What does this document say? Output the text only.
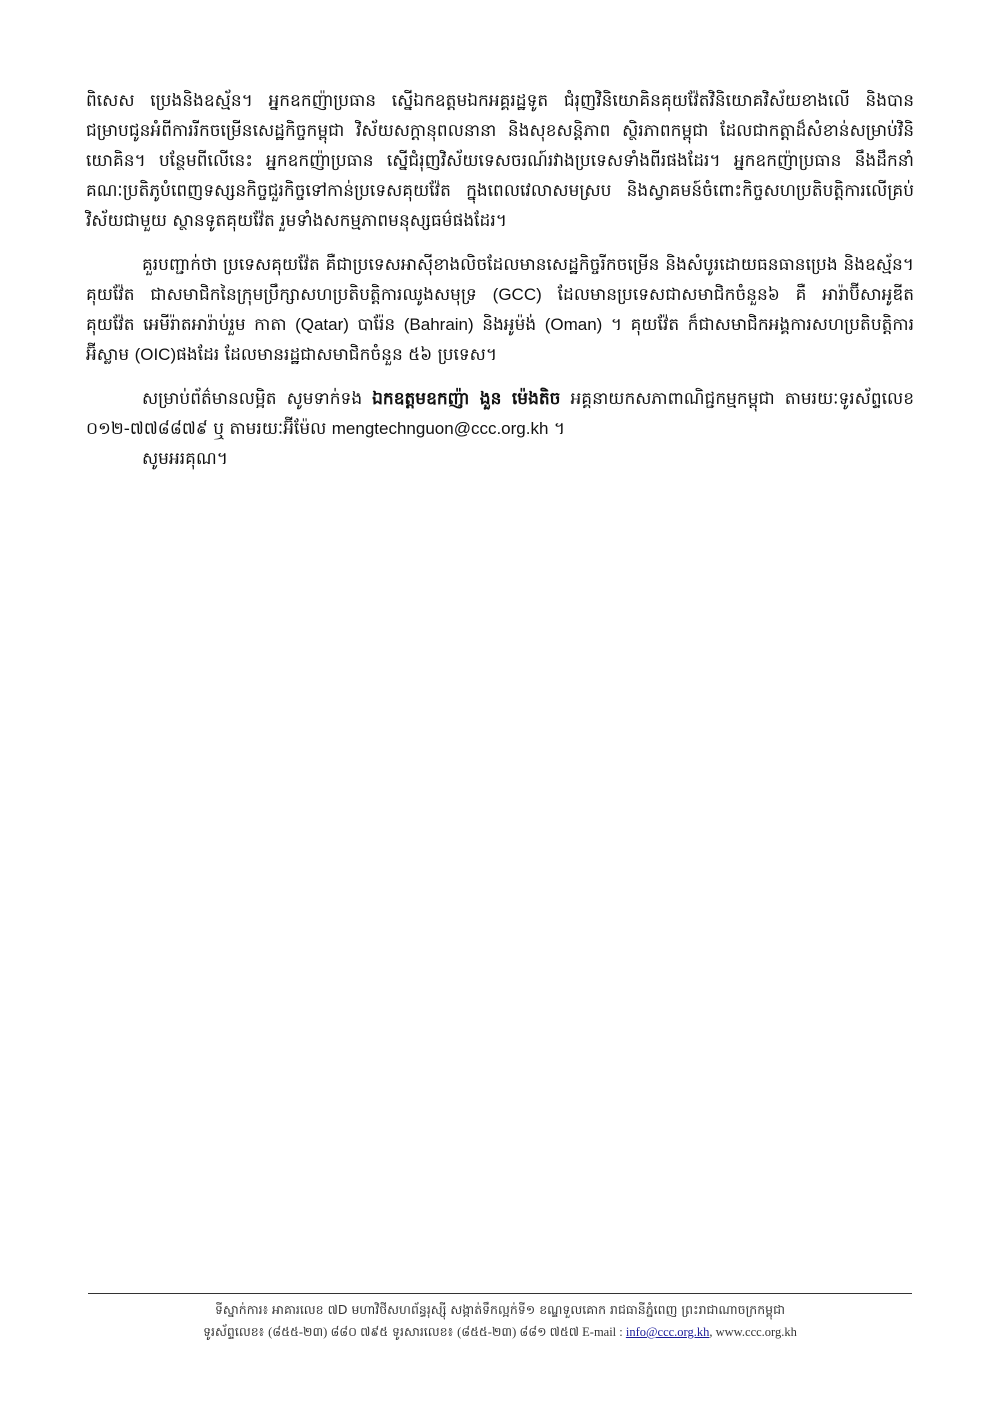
ពិសេស ប្រេងនិងឧស្ម័ន។ អ្នកឧកញ៉ាប្រធាន ស្នើឯកឧត្តមឯកអគ្គរដ្ឋទូត ជំរុញវិនិយោគិនគុយវ៉ែតវិនិយោគវិស័យខាងលើ និងបានជម្រាបជូនអំពីការរីកចម្រើនសេដ្ឋកិច្ចកម្ពុជា វិស័យសក្តានុពលនានា និងសុខសន្តិភាព ស្ថិរភាពកម្ពុជា ដែលជាកត្តាដ៏សំខាន់សម្រាប់វិនិយោគិន។ បន្ថែមពីលើនេះ អ្នកឧកញ៉ាប្រធាន ស្នើជំរុញវិស័យទេសចរណ៍រវាងប្រទេសទាំងពីរផងដែរ។ អ្នកឧកញ៉ាប្រធាន នឹងដឹកនាំគណៈប្រតិភូបំពេញទស្សនកិច្ចជួរកិច្ចទៅកាន់ប្រទេសគុយវ៉ែត ក្នុងពេលវេលាសមស្រប និងស្វាគមន៍ចំពោះកិច្ចសហប្រតិបត្តិការលើគ្រប់វិស័យជាមួយ ស្ថានទូតគុយវ៉ែត រួមទាំងសកម្មភាពមនុស្សធម៌ផងដែរ។

គួរបញ្ជាក់ថា ប្រទេសគុយវ៉ែត គឺជាប្រទេសអាស៊ីខាងលិចដែលមានសេដ្ឋកិច្ចរីកចម្រើន និងសំបូរដោយធនធានប្រេង និងឧស្ម័ន។ គុយវ៉ែត ជាសមាជិកនៃក្រុមប្រឹក្សាសហប្រតិបត្តិការឈូងសមុទ្រ (GCC) ដែលមានប្រទេសជាសមាជិកចំនួន៦ គឺ អារ៉ាប៊ីសាអូឌីត គុយវ៉ែត អេមីរ៉ាតអារ៉ាប់រួម កាតា (Qatar) បារ៉ែន (Bahrain) និងអូម៉ង់ (Oman) ។ គុយវ៉ែត ក៏ជាសមាជិកអង្គការសហប្រតិបត្តិការអ៊ីស្លាម (OIC)ផងដែរ ដែលមានរដ្ឋជាសមាជិកចំនួន ៥៦ ប្រទេស។

សម្រាប់ព័ត៌មានលម្អិត សូមទាក់ទង ឯកឧត្តមឧកញ៉ា ងួន ម៉េងតិច អគ្គនាយកសភាពាណិជ្ជកម្មកម្ពុជា តាមរយៈទូរស័ព្ទលេខ ០១២-៧៧៨៨៧៩ ឬ តាមរយៈអ៊ីម៉ែល mengtechnguon@ccc.org.kh ។

សូមអរគុណ។

ទីស្នាក់ការ៖ អាគារលេខ ៧D មហាវិថីសហព័ន្ធរុស្ស៊ី សង្កាត់ទឹកល្អក់ទី១ ខណ្ឌទួលគោក រាជធានីភ្នំពេញ ព្រះរាជាណាចក្រកម្ពុជា
ទូរស័ព្ទលេខ៖ (៨៥៥-២៣) ៨៨០ ៧៩៥ ទូរសារលេខ៖ (៨៥៥-២៣) ៨៨១ ៧៥៧ E-mail : info@ccc.org.kh, www.ccc.org.kh
